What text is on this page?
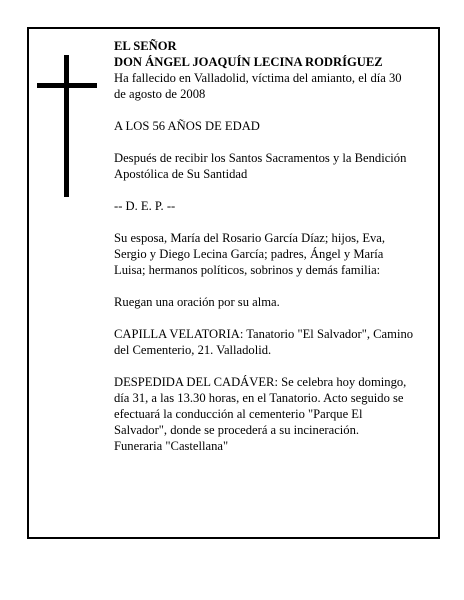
EL SEÑOR

DON ÁNGEL JOAQUÍN LECINA RODRÍGUEZ

Ha fallecido en Valladolid, víctima del amianto, el día 30 de agosto de 2008

A LOS 56 AÑOS DE EDAD

Después de recibir los Santos Sacramentos y la Bendición Apostólica de Su Santidad

-- D. E. P. --

Su esposa, María del Rosario García Díaz; hijos, Eva, Sergio y Diego Lecina García; padres, Ángel y María Luisa; hermanos políticos, sobrinos y demás familia:

Ruegan una oración por su alma.

CAPILLA VELATORIA: Tanatorio "El Salvador", Camino del Cementerio, 21. Valladolid.

DESPEDIDA DEL CADÁVER: Se celebra hoy domingo, día 31, a las 13.30 horas, en el Tanatorio. Acto seguido se efectuará la conducción al cementerio "Parque El Salvador", donde se procederá a su incineración.

Funeraria "Castellana"
